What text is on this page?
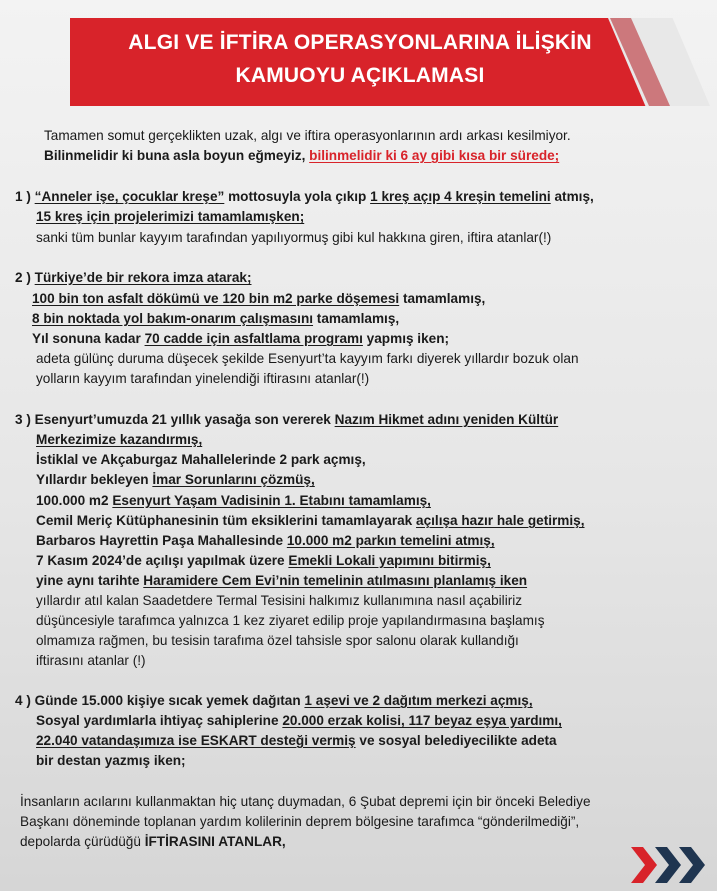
ALGI VE İFTİRA OPERASYONLARINA İLİŞKİN
KAMUOYU AÇIKLAMASI
Tamamen somut gerçeklikten uzak, algı ve iftira operasyonlarının ardı arkası kesilmiyor.
Bilinmelidir ki buna asla boyun eğmeyiz, bilinmelidir ki 6 ay gibi kısa bir sürede;
1 ) “Anneler işe, çocuklar kreşe” mottosuyla yola çıkıp 1 kreş açıp 4 kreşin temelini atmış,
15 kreş için projelerimizi tamamlamışken;
sanki tüm bunlar kayyım tarafından yapılıyormuş gibi kul hakkına giren, iftira atanlar(!)
2 ) Türkiye’de bir rekora imza atarak;
100 bin ton asfalt dökümü ve 120 bin m2 parke döşemesi tamamlamış,
8 bin noktada yol bakım-onarım çalışmasını tamamlamış,
Yıl sonuna kadar 70 cadde için asfaltlama programı yapmış iken;
adeta gülünç duruma düşecek şekilde Esenyurt’ta kayyım farkı diyerek yıllardır bozuk olan
yolların kayyım tarafından yinelendiği iftirasını atanlar(!)
3 ) Esenyurt’umuzda 21 yıllık yasağa son vererek Nazım Hikmet adını yeniden Kültür
Merkezimize kazandırmış,
İstiklal ve Akçaburgaz Mahallelerinde 2 park açmış,
Yıllardır bekleyen İmar Sorunlarını çözmüş,
100.000 m2 Esenyurt Yaşam Vadisinin 1. Etabını tamamlamış,
Cemil Meriç Kütüphanesinin tüm eksiklerini tamamlayarak açılışa hazır hale getirmiş,
Barbaros Hayrettin Paşa Mahallesinde 10.000 m2 parkın temelini atmış,
7 Kasım 2024’de açılışı yapılmak üzere Emekli Lokali yapımını bitirmiş,
yine aynı tarihte Haramidere Cem Evi’nin temelinin atılmasını planlamış iken
yıllardır atıl kalan Saadetdere Termal Tesisini halkımız kullanımına nasıl açabiliriz
düşüncesiyle tarafımca yalnızca 1 kez ziyaret edilip proje yapılandırmasına başlamış
olmamıza rağmen, bu tesisin tarafıma özel tahsisle spor salonu olarak kullandığı
iftirasını atanlar (!)
4 ) Günde 15.000 kişiye sıcak yemek dağıtan 1 aşevi ve 2 dağıtım merkezi açmış,
Sosyal yardımlarla ihtiyaç sahiplerine 20.000 erzak kolisi, 117 beyaz eşya yardımı,
22.040 vatandaşımıza ise ESKART desteği vermiş ve sosyal belediyecilikte adeta
bir destan yazmış iken;
İnsanların acılarını kullanmaktan hiç utanç duymadan, 6 Şubat depremi için bir önceki Belediye
Başkanı döneminde toplanan yardım kolilerinin deprem bölgesine tarafımca “gönderilmediği”,
depolarda çürüdüğü İFTİRASINI ATANLAR,
